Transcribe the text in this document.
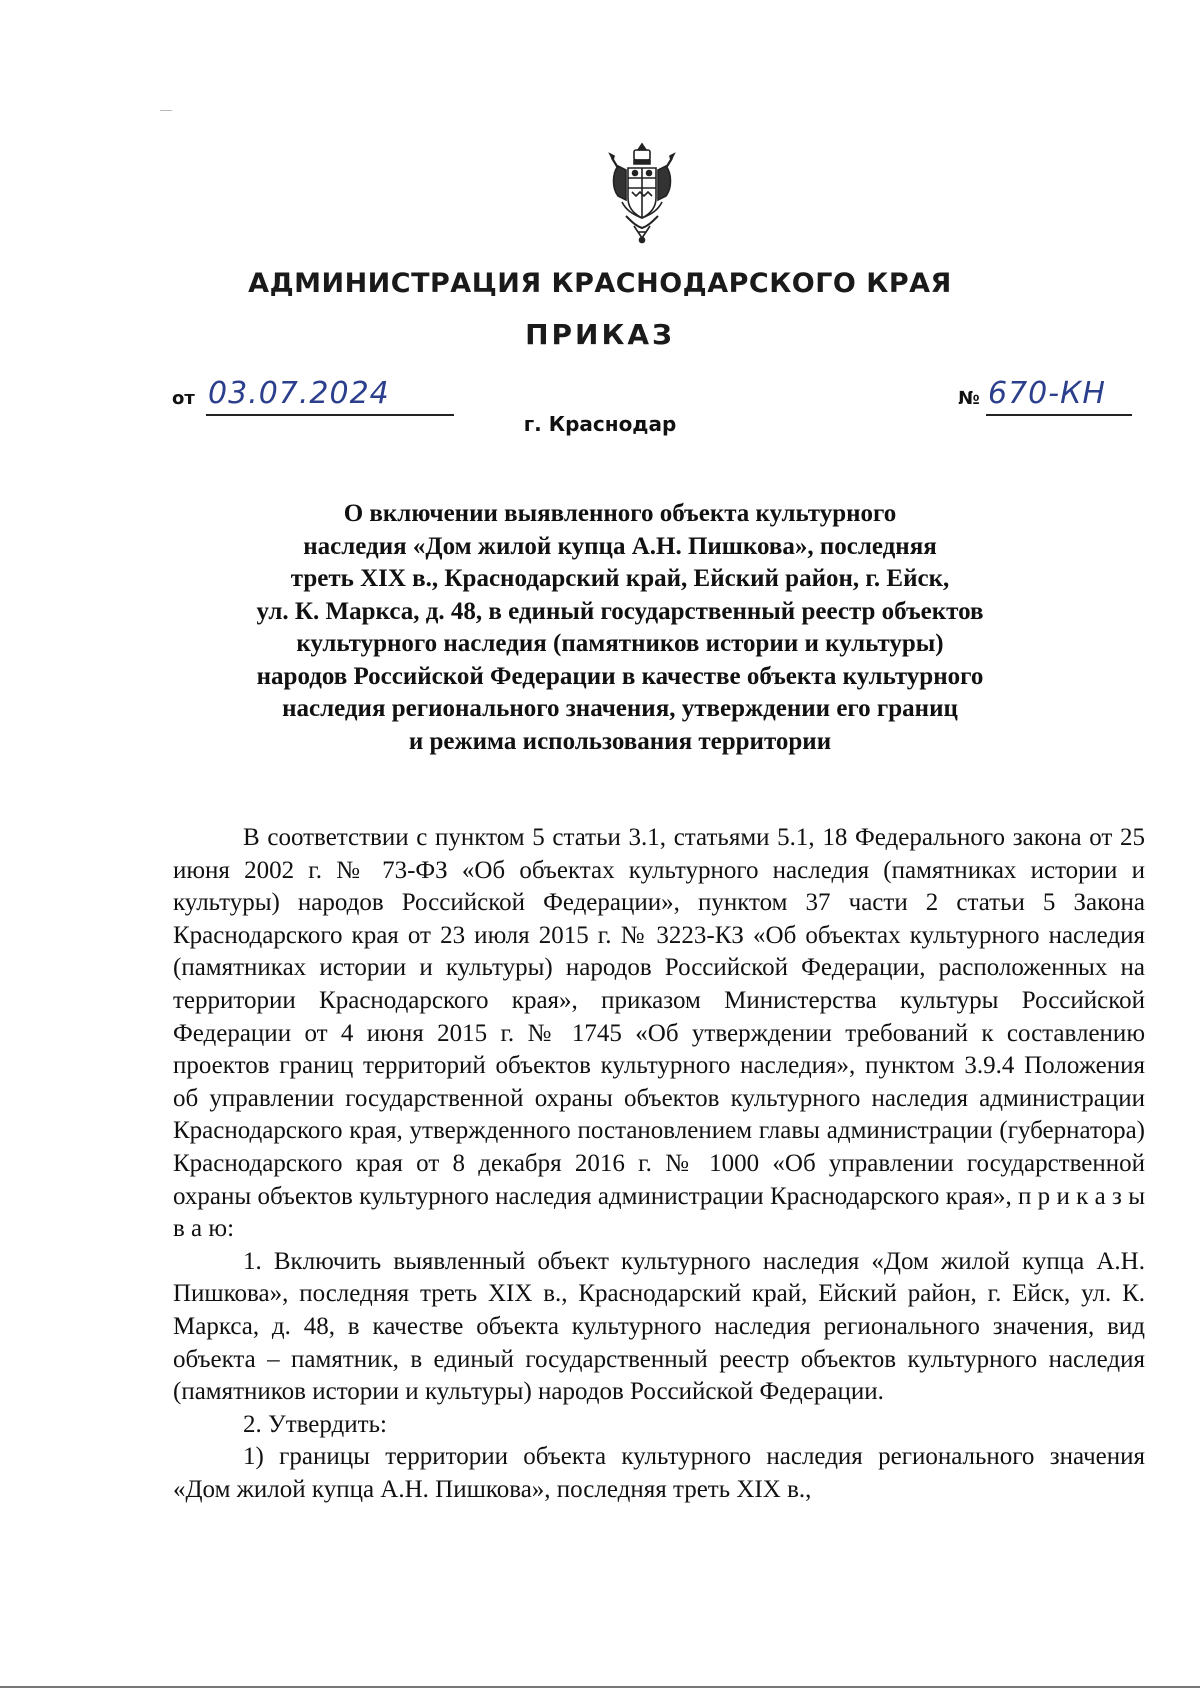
АДМИНИСТРАЦИЯ КРАСНОДАРСКОГО КРАЯ
ПРИКАЗ
от 03.07.2024
г. Краснодар
№ 670-КН
О включении выявленного объекта культурного
наследия «Дом жилой купца А.Н. Пишкова», последняя
треть XIX в., Краснодарский край, Ейский район, г. Ейск,
ул. К. Маркса, д. 48, в единый государственный реестр объектов
культурного наследия (памятников истории и культуры)
народов Российской Федерации в качестве объекта культурного
наследия регионального значения, утверждении его границ
и режима использования территории

В соответствии с пунктом 5 статьи 3.1, статьями 5.1, 18 Федерального закона от 25 июня 2002 г. № 73-ФЗ «Об объектах культурного наследия (памятниках истории и культуры) народов Российской Федерации», пунктом 37 части 2 статьи 5 Закона Краснодарского края от 23 июля 2015 г. № 3223-КЗ «Об объектах культурного наследия (памятниках истории и культуры) народов Российской Федерации, расположенных на территории Краснодарского края», приказом Министерства культуры Российской Федерации от 4 июня 2015 г. № 1745 «Об утверждении требований к составлению проектов границ территорий объектов культурного наследия», пунктом 3.9.4 Положения об управлении государственной охраны объектов культурного наследия администрации Краснодарского края, утвержденного постановлением главы администрации (губернатора) Краснодарского края от 8 декабря 2016 г. № 1000 «Об управлении государственной охраны объектов культурного наследия администрации Краснодарского края», п р и к а з ы в а ю:

1. Включить выявленный объект культурного наследия «Дом жилой купца А.Н. Пишкова», последняя треть XIX в., Краснодарский край, Ейский район, г. Ейск, ул. К. Маркса, д. 48, в качестве объекта культурного наследия регионального значения, вид объекта – памятник, в единый государственный реестр объектов культурного наследия (памятников истории и культуры) народов Российской Федерации.

2. Утвердить:

1) границы территории объекта культурного наследия регионального значения «Дом жилой купца А.Н. Пишкова», последняя треть XIX в.,
